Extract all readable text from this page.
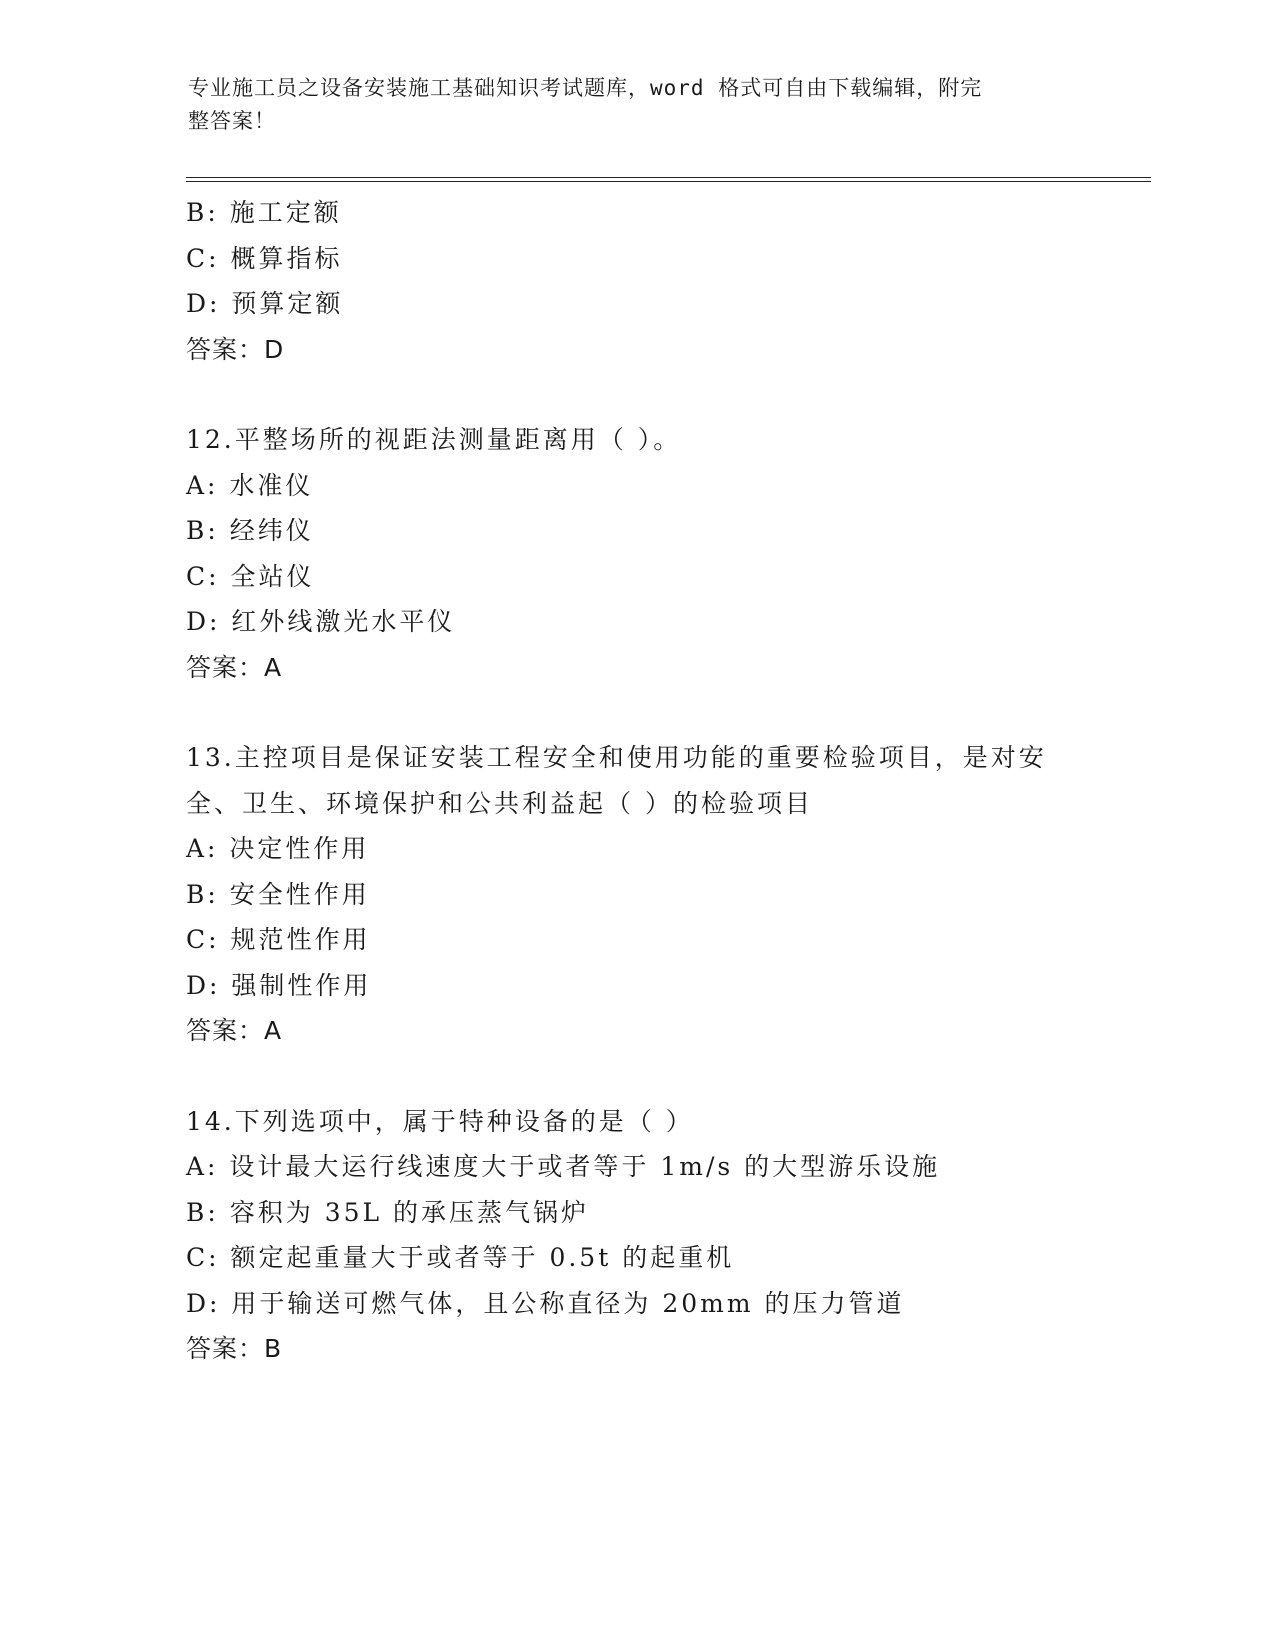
专业施工员之设备安装施工基础知识考试题库，word 格式可自由下载编辑，附完
整答案！
B: 施工定额
C: 概算指标
D: 预算定额
答案：D
12.平整场所的视距法测量距离用（ ）。
A: 水准仪
B: 经纬仪
C: 全站仪
D: 红外线激光水平仪
答案：A
13.主控项目是保证安装工程安全和使用功能的重要检验项目，是对安
全、卫生、环境保护和公共利益起（ ）的检验项目
A: 决定性作用
B: 安全性作用
C: 规范性作用
D: 强制性作用
答案：A
14.下列选项中，属于特种设备的是（ ）
A: 设计最大运行线速度大于或者等于 1m/s 的大型游乐设施
B: 容积为 35L 的承压蒸气锅炉
C: 额定起重量大于或者等于 0.5t 的起重机
D: 用于输送可燃气体，且公称直径为 20mm 的压力管道
答案：B
